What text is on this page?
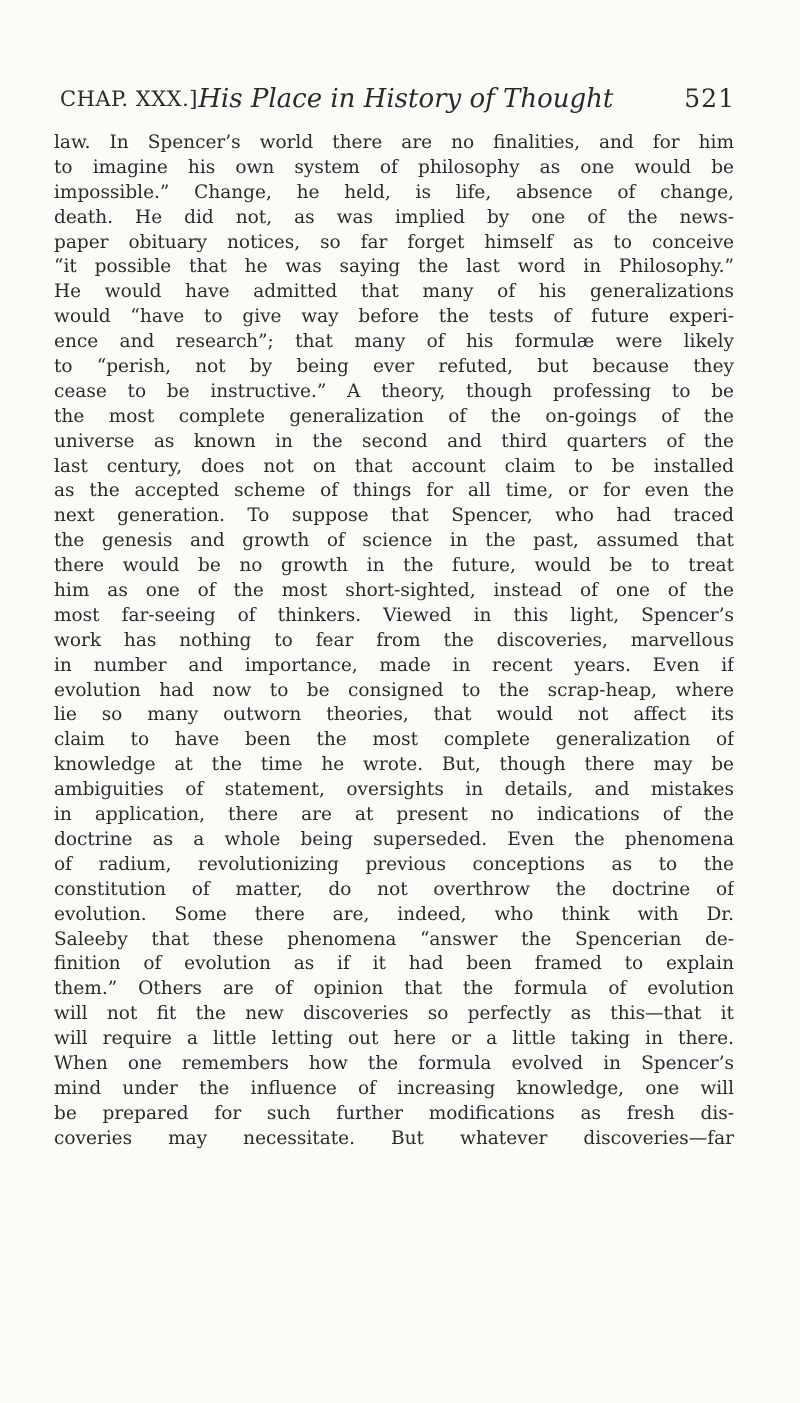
CHAP. XXX.] His Place in History of Thought	521
law. In Spencer’s world there are no finalities, and for him
to imagine his own system of philosophy as one would be
impossible.” Change, he held, is life, absence of change,
death. He did not, as was implied by one of the news-
paper obituary notices, so far forget himself as to conceive
“it possible that he was saying the last word in Philosophy.”
He would have admitted that many of his generalizations
would “have to give way before the tests of future experi-
ence and research”; that many of his formulæ were likely
to “perish, not by being ever refuted, but because they
cease to be instructive.” A theory, though professing to be
the most complete generalization of the on-goings of the
universe as known in the second and third quarters of the
last century, does not on that account claim to be installed
as the accepted scheme of things for all time, or for even the
next generation. To suppose that Spencer, who had traced
the genesis and growth of science in the past, assumed that
there would be no growth in the future, would be to treat
him as one of the most short-sighted, instead of one of the
most far-seeing of thinkers. Viewed in this light, Spencer’s
work has nothing to fear from the discoveries, marvellous
in number and importance, made in recent years. Even if
evolution had now to be consigned to the scrap-heap, where
lie so many outworn theories, that would not affect its
claim to have been the most complete generalization of
knowledge at the time he wrote. But, though there may be
ambiguities of statement, oversights in details, and mistakes
in application, there are at present no indications of the
doctrine as a whole being superseded. Even the phenomena
of radium, revolutionizing previous conceptions as to the
constitution of matter, do not overthrow the doctrine of
evolution. Some there are, indeed, who think with Dr.
Saleeby that these phenomena “answer the Spencerian de-
finition of evolution as if it had been framed to explain
them.” Others are of opinion that the formula of evolution
will not fit the new discoveries so perfectly as this—that it
will require a little letting out here or a little taking in there.
When one remembers how the formula evolved in Spencer’s
mind under the influence of increasing knowledge, one will
be prepared for such further modifications as fresh dis-
coveries may necessitate. But whatever discoveries—far
